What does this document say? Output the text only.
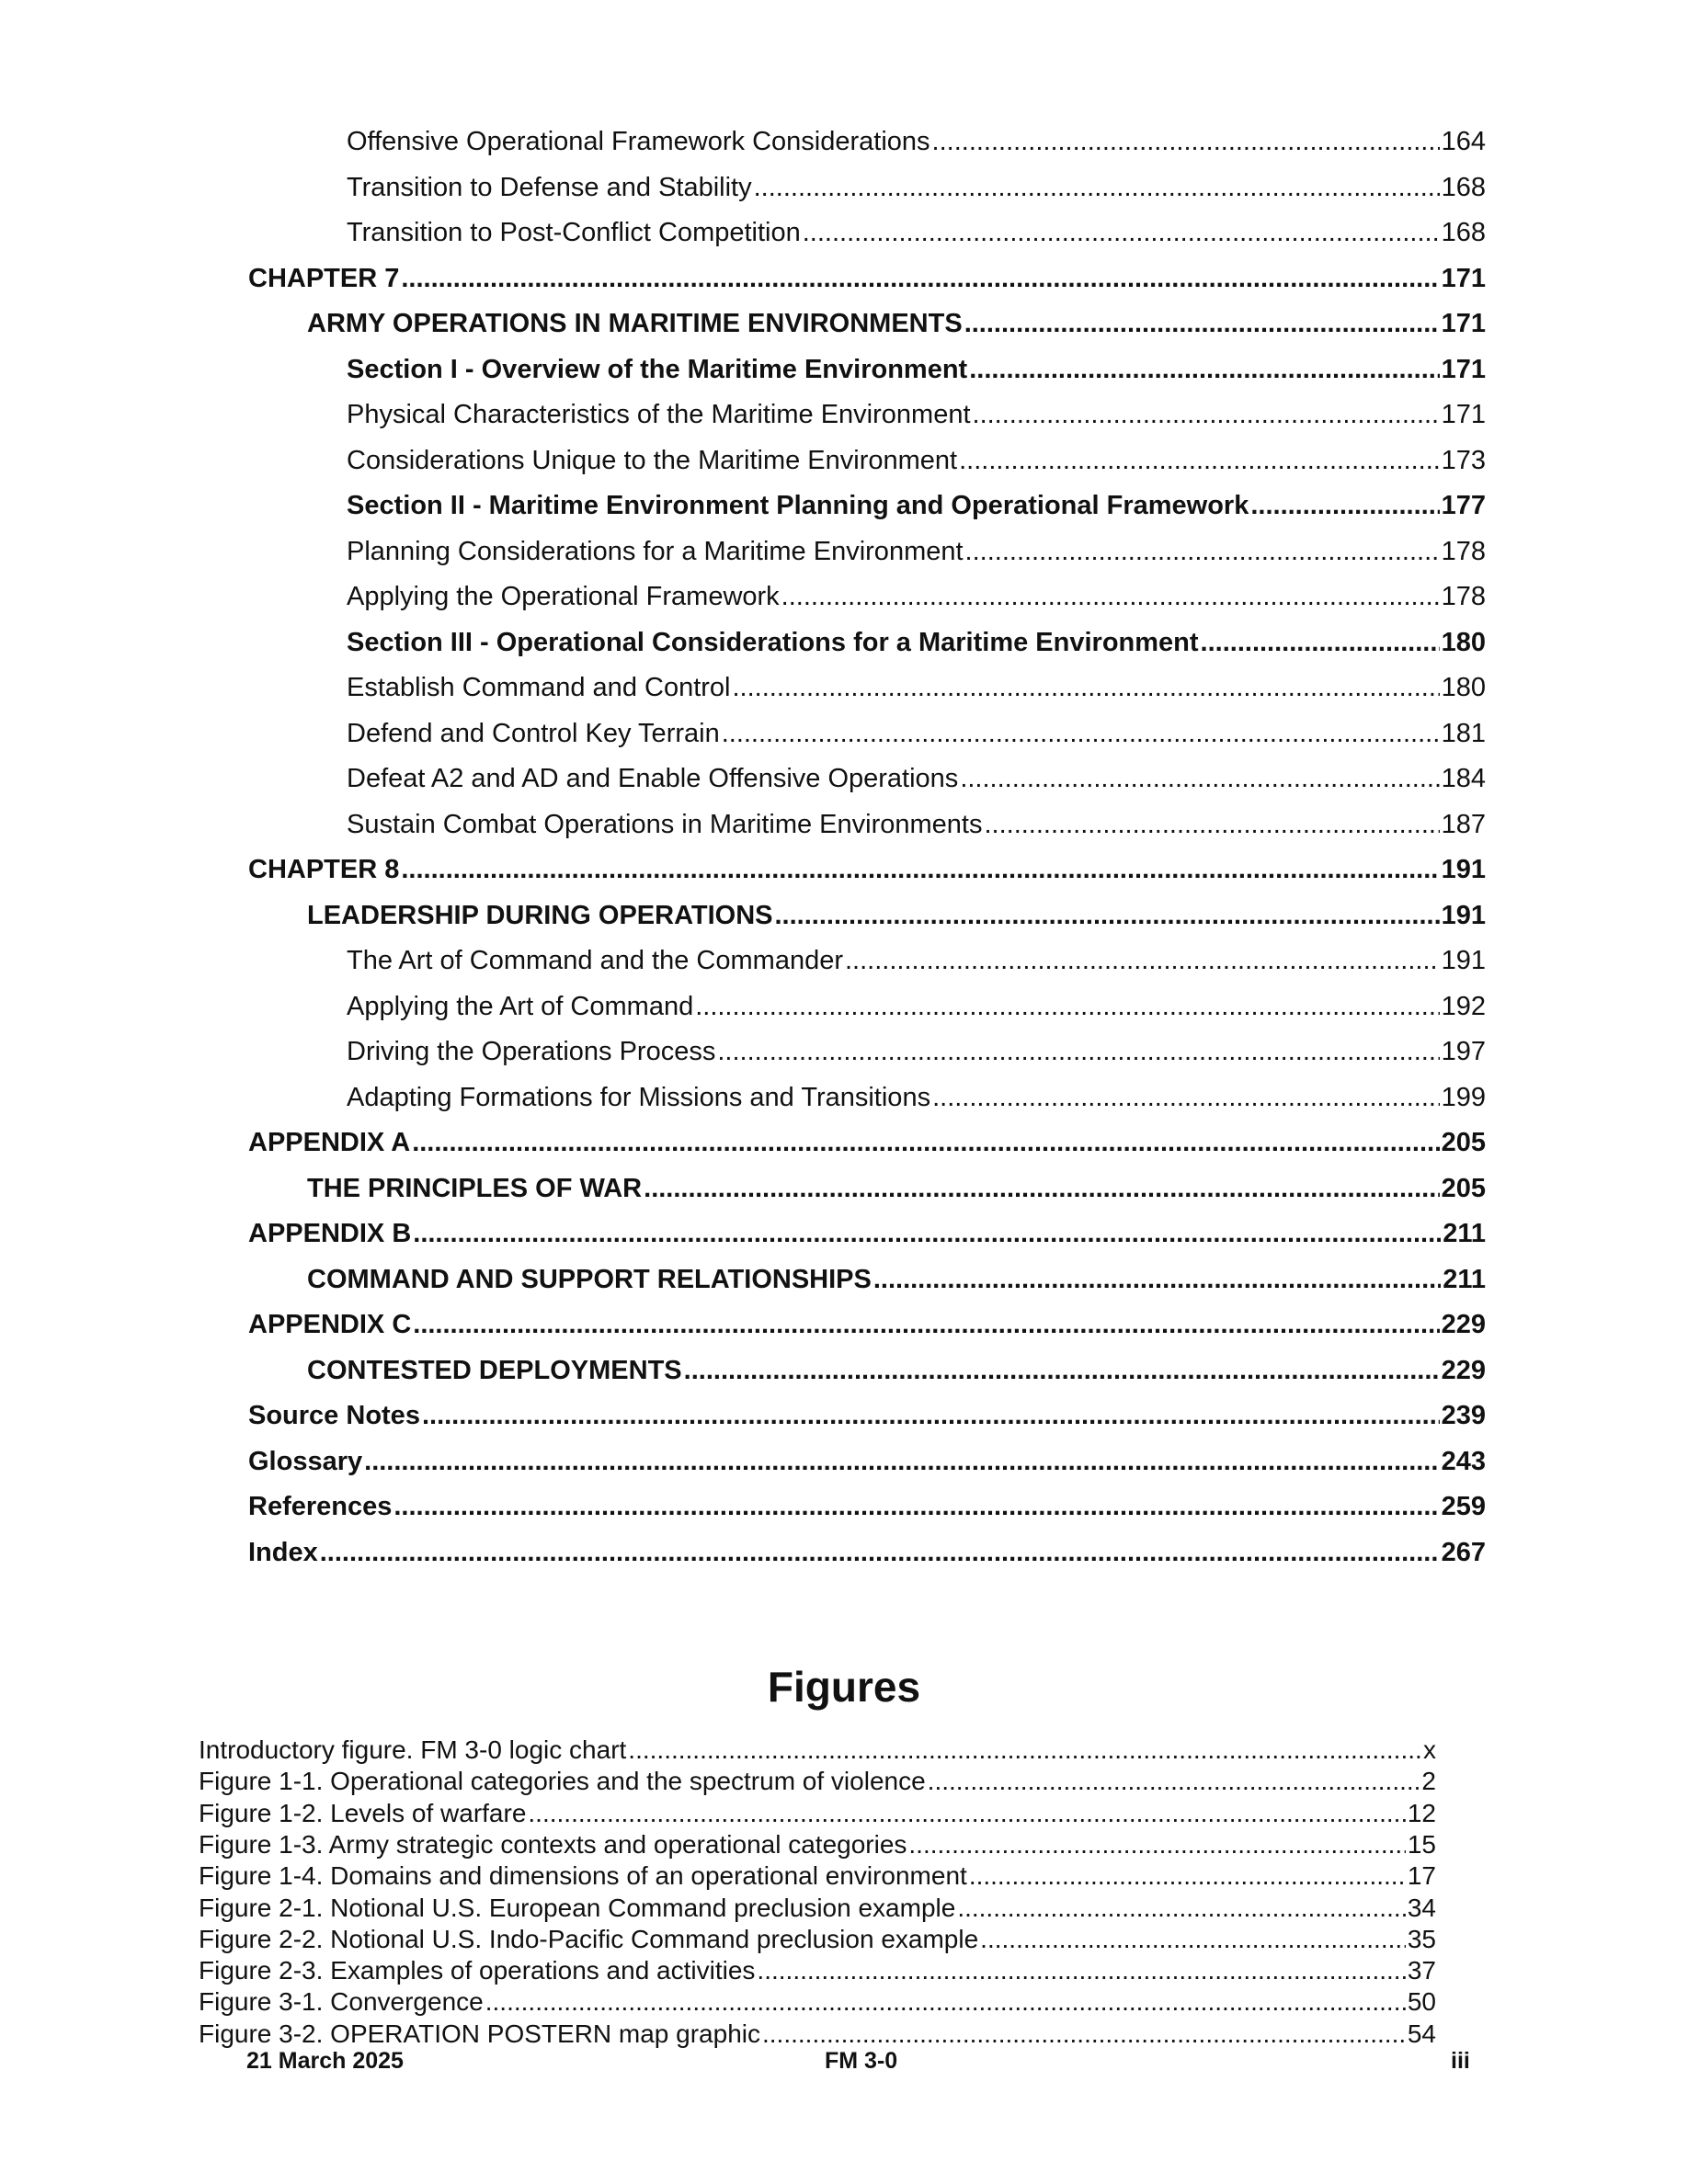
Offensive Operational Framework Considerations .....	164
Transition to Defense and Stability .....	168
Transition to Post-Conflict Competition .....	168
CHAPTER 7 .....	171
ARMY OPERATIONS IN MARITIME ENVIRONMENTS .....	171
Section I - Overview of the Maritime Environment .....	171
Physical Characteristics of the Maritime Environment .....	171
Considerations Unique to the Maritime Environment .....	173
Section II - Maritime Environment Planning and Operational Framework .....	177
Planning Considerations for a Maritime Environment .....	178
Applying the Operational Framework .....	178
Section III - Operational Considerations for a Maritime Environment .....	180
Establish Command and Control .....	180
Defend and Control Key Terrain .....	181
Defeat A2 and AD and Enable Offensive Operations .....	184
Sustain Combat Operations in Maritime Environments .....	187
CHAPTER 8 .....	191
LEADERSHIP DURING OPERATIONS .....	191
The Art of Command and the Commander .....	191
Applying the Art of Command .....	192
Driving the Operations Process .....	197
Adapting Formations for Missions and Transitions .....	199
APPENDIX A .....	205
THE PRINCIPLES OF WAR .....	205
APPENDIX B .....	211
COMMAND AND SUPPORT RELATIONSHIPS .....	211
APPENDIX C .....	229
CONTESTED DEPLOYMENTS .....	229
Source Notes .....	239
Glossary .....	243
References .....	259
Index .....	267
Figures
Introductory figure. FM 3-0 logic chart .....	x
Figure 1-1. Operational categories and the spectrum of violence .....	2
Figure 1-2. Levels of warfare .....	12
Figure 1-3. Army strategic contexts and operational categories .....	15
Figure 1-4. Domains and dimensions of an operational environment .....	17
Figure 2-1. Notional U.S. European Command preclusion example .....	34
Figure 2-2. Notional U.S. Indo-Pacific Command preclusion example .....	35
Figure 2-3. Examples of operations and activities .....	37
Figure 3-1. Convergence .....	50
Figure 3-2. OPERATION POSTERN map graphic .....	54
21 March 2025	FM 3-0	iii
